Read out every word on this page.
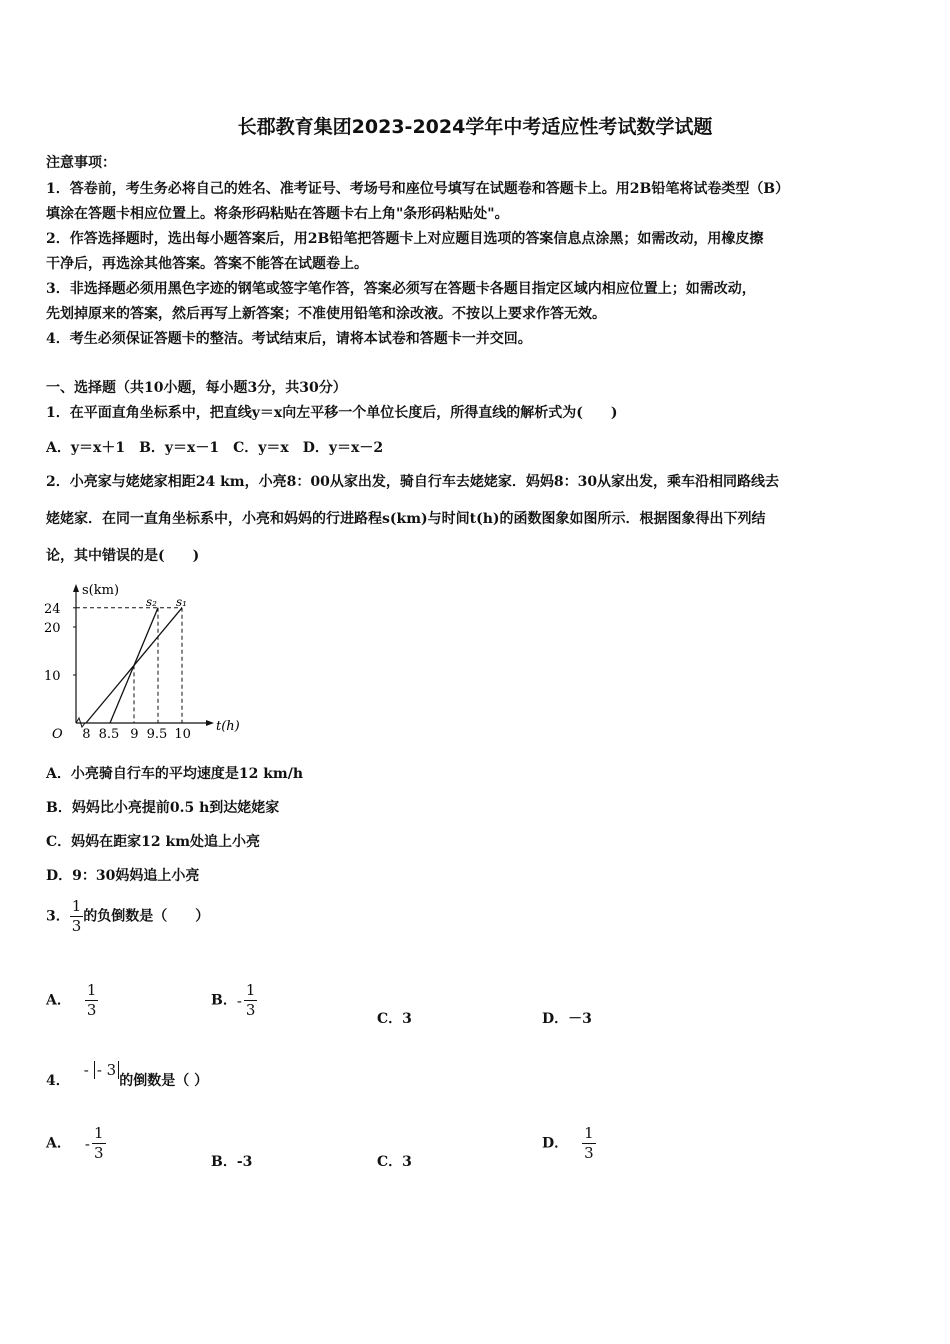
长郡教育集团2023-2024学年中考适应性考试数学试题
注意事项：
1．答卷前，考生务必将自己的姓名、准考证号、考场号和座位号填写在试题卷和答题卡上。用2B铅笔将试卷类型（B）
填涂在答题卡相应位置上。将条形码粘贴在答题卡右上角"条形码粘贴处"。
2．作答选择题时，选出每小题答案后，用2B铅笔把答题卡上对应题目选项的答案信息点涂黑；如需改动，用橡皮擦
干净后，再选涂其他答案。答案不能答在试题卷上。
3．非选择题必须用黑色字迹的钢笔或签字笔作答，答案必须写在答题卡各题目指定区域内相应位置上；如需改动，
先划掉原来的答案，然后再写上新答案；不准使用铅笔和涂改液。不按以上要求作答无效。
4．考生必须保证答题卡的整洁。考试结束后，请将本试卷和答题卡一并交回。
一、选择题（共10小题，每小题3分，共30分）
1．在平面直角坐标系中，把直线y＝x向左平移一个单位长度后，所得直线的解析式为(　　)
A．y＝x＋1　B．y＝x－1　C．y＝x　D．y＝x－2
2．小亮家与姥姥家相距24 km，小亮8：00从家出发，骑自行车去姥姥家．妈妈8：30从家出发，乘车沿相同路线去
姥姥家．在同一直角坐标系中，小亮和妈妈的行进路程s(km)与时间t(h)的函数图象如图所示．根据图象得出下列结
论，其中错误的是(　　)
s(km)
t(h)
O
24
20
10
8 8.5 9 9.5 10
s₂ s₁
A．小亮骑自行车的平均速度是12 km/h
B．妈妈比小亮提前0.5 h到达姥姥家
C．妈妈在距家12 km处追上小亮
D．9：30妈妈追上小亮
3． $\frac{1}{3}$ 的负倒数是（　　）
A． $\frac{1}{3}$	B．- $\frac{1}{3}$
C．3	D．－3
4．- - 3的倒数是（ ）
A． - $\frac{1}{3}$
B．-3	C．3
D． $\frac{1}{3}$
